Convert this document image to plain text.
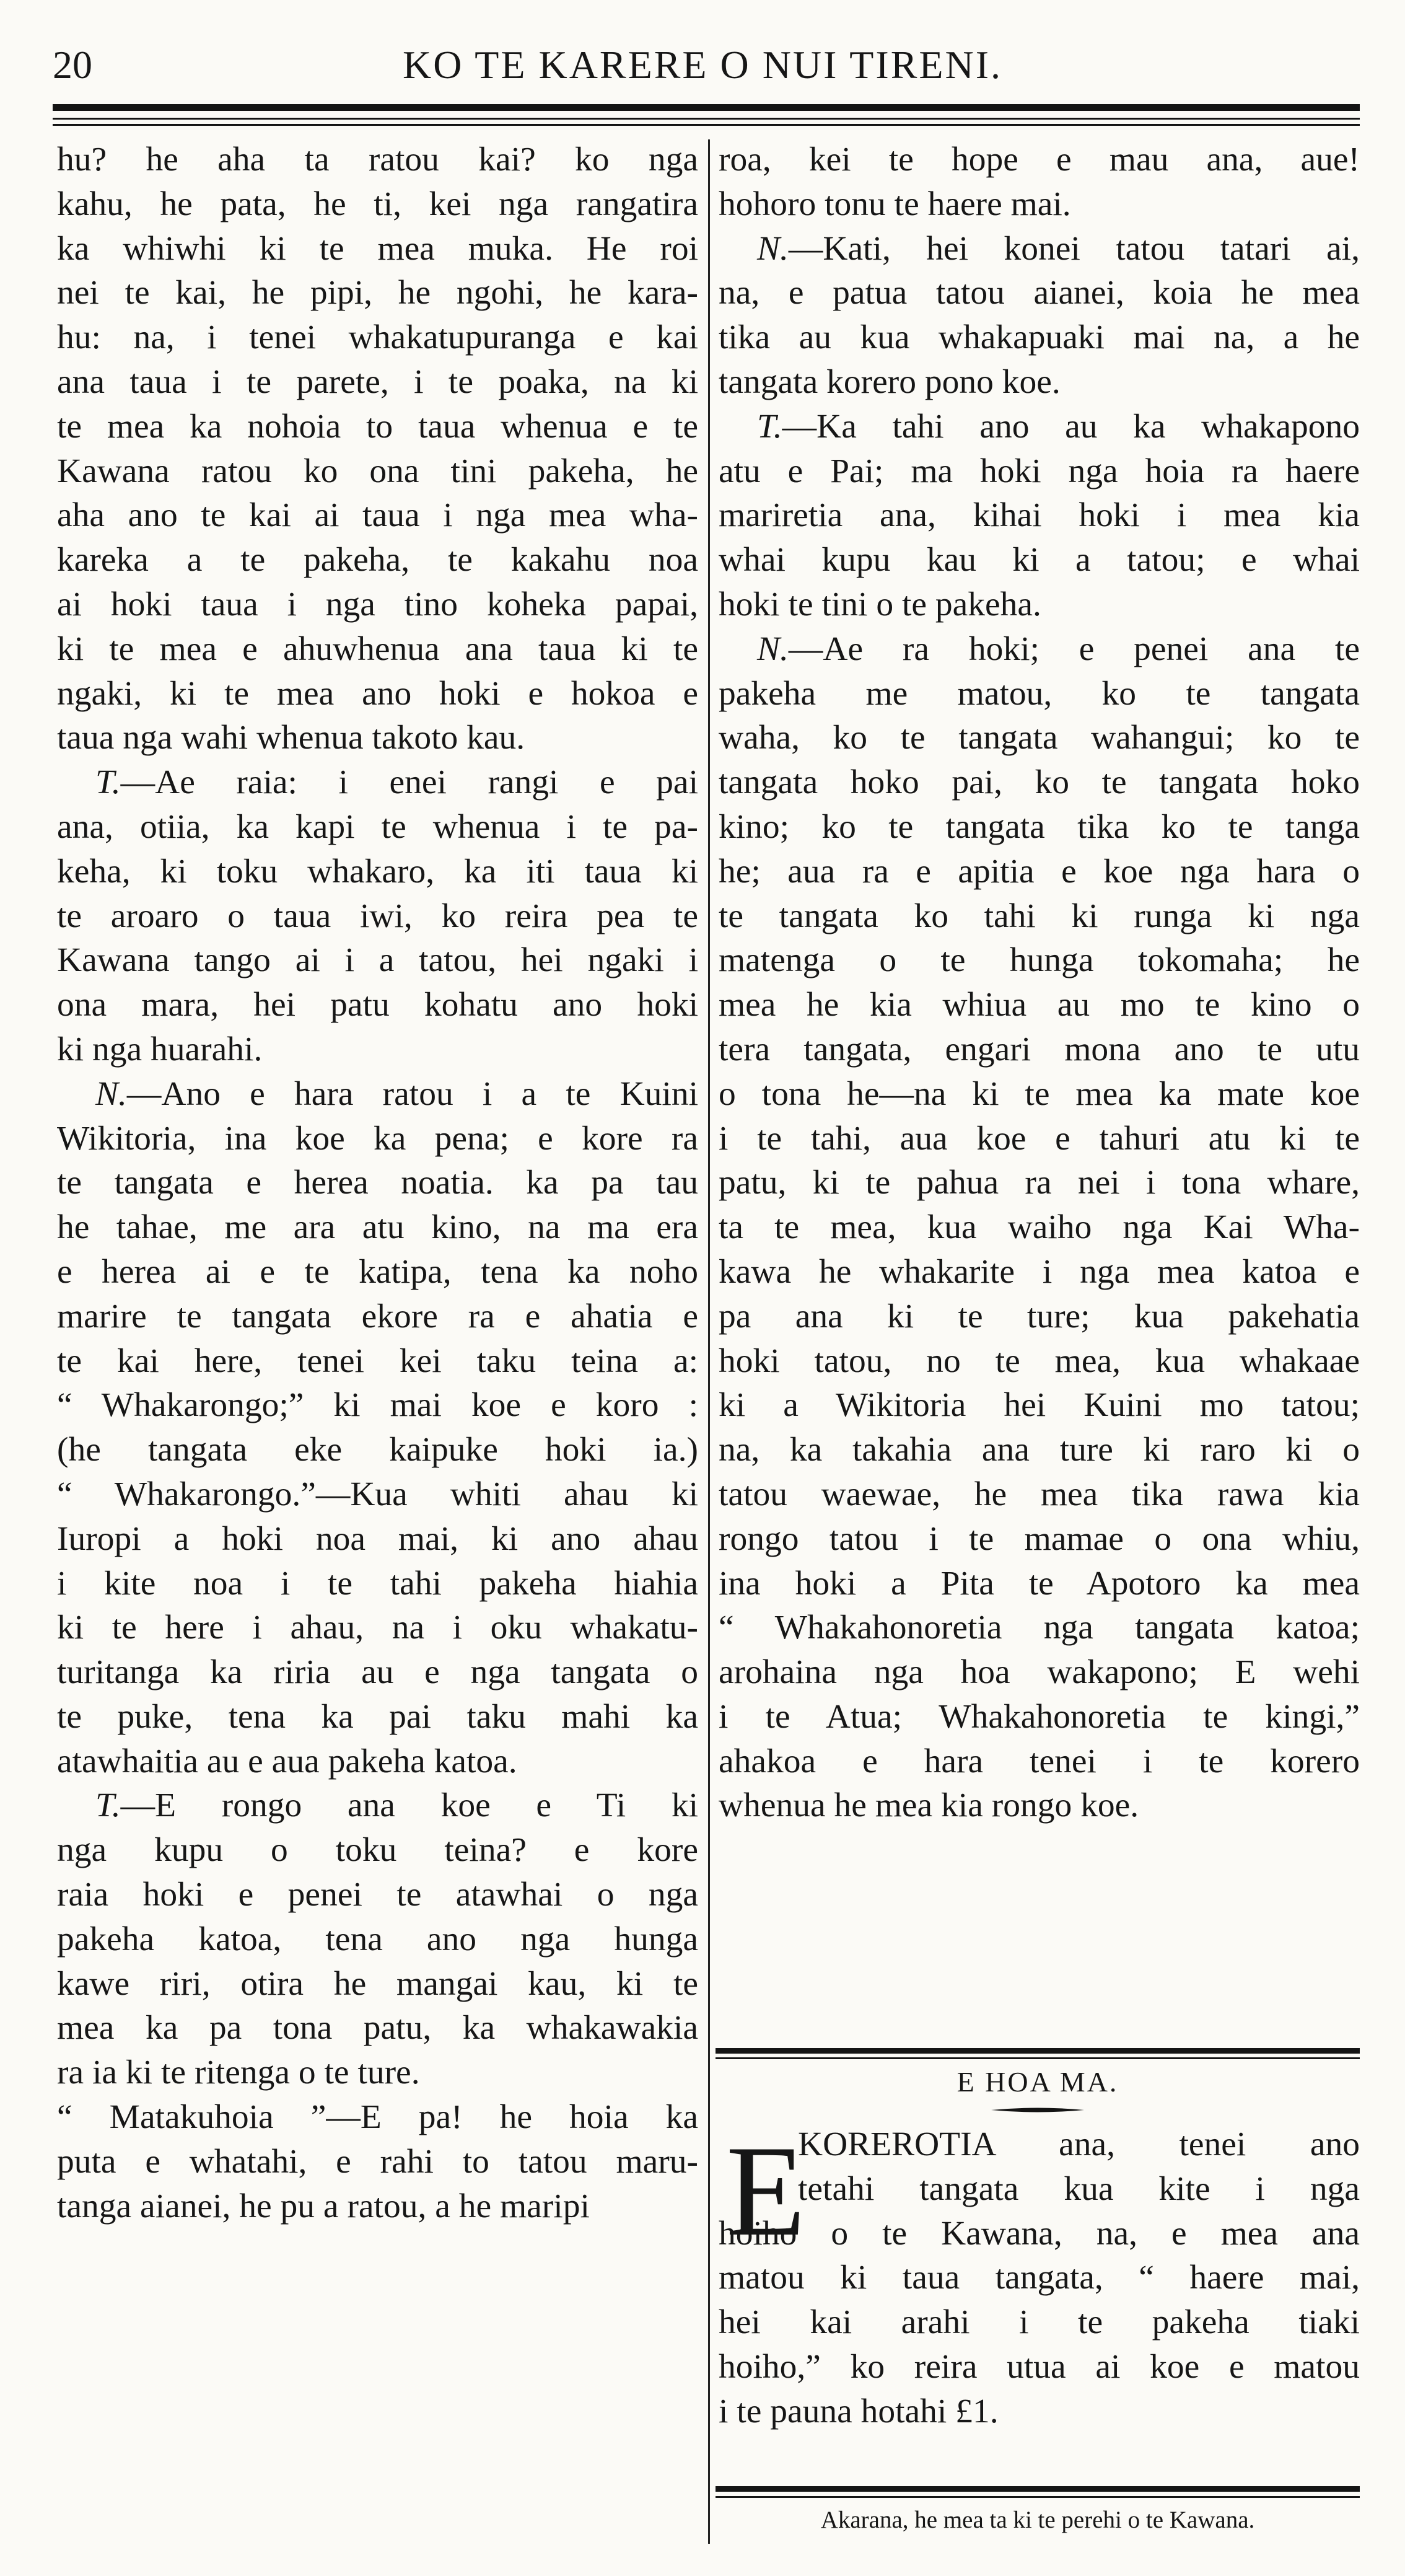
20	KO TE KARERE O NUI TIRENI.
hu? he aha ta ratou kai? ko nga
kahu, he pata, he ti, kei nga rangatira
ka whiwhi ki te mea muka. He roi
nei te kai, he pipi, he ngohi, he kara-
hu: na, i tenei whakatupuranga e kai
ana taua i te parete, i te poaka, na ki
te mea ka nohoia to taua whenua e te
Kawana ratou ko ona tini pakeha, he
aha ano te kai ai taua i nga mea wha-
kareka a te pakeha, te kakahu noa
ai hoki taua i nga tino koheka papai,
ki te mea e ahuwhenua ana taua ki te
ngaki, ki te mea ano hoki e hokoa e
taua nga wahi whenua takoto kau.
T.—Ae raia: i enei rangi e pai
ana, otiia, ka kapi te whenua i te pa-
keha, ki toku whakaro, ka iti taua ki
te aroaro o taua iwi, ko reira pea te
Kawana tango ai i a tatou, hei ngaki i
ona mara, hei patu kohatu ano hoki
ki nga huarahi.
N.—Ano e hara ratou i a te Kuini
Wikitoria, ina koe ka pena; e kore ra
te tangata e herea noatia. ka pa tau
he tahae, me ara atu kino, na ma era
e herea ai e te katipa, tena ka noho
marire te tangata ekore ra e ahatia e
te kai here, tenei kei taku teina a:
“ Whakarongo;” ki mai koe e koro :
(he tangata eke kaipuke hoki ia.)
“ Whakarongo.”—Kua whiti ahau ki
Iuropi a hoki noa mai, ki ano ahau
i kite noa i te tahi pakeha hiahia
ki te here i ahau, na i oku whakatu-
turitanga ka riria au e nga tangata o
te puke, tena ka pai taku mahi ka
atawhaitia au e aua pakeha katoa.
T.—E rongo ana koe e Ti ki
nga kupu o toku teina? e kore
raia hoki e penei te atawhai o nga
pakeha katoa, tena ano nga hunga
kawe riri, otira he mangai kau, ki te
mea ka pa tona patu, ka whakawakia
ra ia ki te ritenga o te ture.
“ Matakuhoia ”—E pa! he hoia ka
puta e whatahi, e rahi to tatou maru-
tanga aianei, he pu a ratou, a he maripi
roa, kei te hope e mau ana, aue!
hohoro tonu te haere mai.
N.—Kati, hei konei tatou tatari ai,
na, e patua tatou aianei, koia he mea
tika au kua whakapuaki mai na, a he
tangata korero pono koe.
T.—Ka tahi ano au ka whakapono
atu e Pai; ma hoki nga hoia ra haere
mariretia ana, kihai hoki i mea kia
whai kupu kau ki a tatou; e whai
hoki te tini o te pakeha.
N.—Ae ra hoki; e penei ana te
pakeha me matou, ko te tangata
waha, ko te tangata wahangui; ko te
tangata hoko pai, ko te tangata hoko
kino; ko te tangata tika ko te tanga
he; aua ra e apitia e koe nga hara o
te tangata ko tahi ki runga ki nga
matenga o te hunga tokomaha; he
mea he kia whiua au mo te kino o
tera tangata, engari mona ano te utu
o tona he—na ki te mea ka mate koe
i te tahi, aua koe e tahuri atu ki te
patu, ki te pahua ra nei i tona whare,
ta te mea, kua waiho nga Kai Wha-
kawa he whakarite i nga mea katoa e
pa ana ki te ture; kua pakehatia
hoki tatou, no te mea, kua whakaae
ki a Wikitoria hei Kuini mo tatou;
na, ka takahia ana ture ki raro ki o
tatou waewae, he mea tika rawa kia
rongo tatou i te mamae o ona whiu,
ina hoki a Pita te Apotoro ka mea
“ Whakahonoretia nga tangata katoa;
arohaina nga hoa wakapono; E wehi
i te Atua; Whakahonoretia te kingi,”
ahakoa e hara tenei i te korero
whenua he mea kia rongo koe.
E HOA MA.
E
KOREROTIA ana, tenei ano
tetahi tangata kua kite i nga
hoiho o te Kawana, na, e mea ana
matou ki taua tangata, “ haere mai,
hei kai arahi i te pakeha tiaki
hoiho,” ko reira utua ai koe e matou
i te pauna hotahi £1.
Akarana, he mea ta ki te perehi o te Kawana.
